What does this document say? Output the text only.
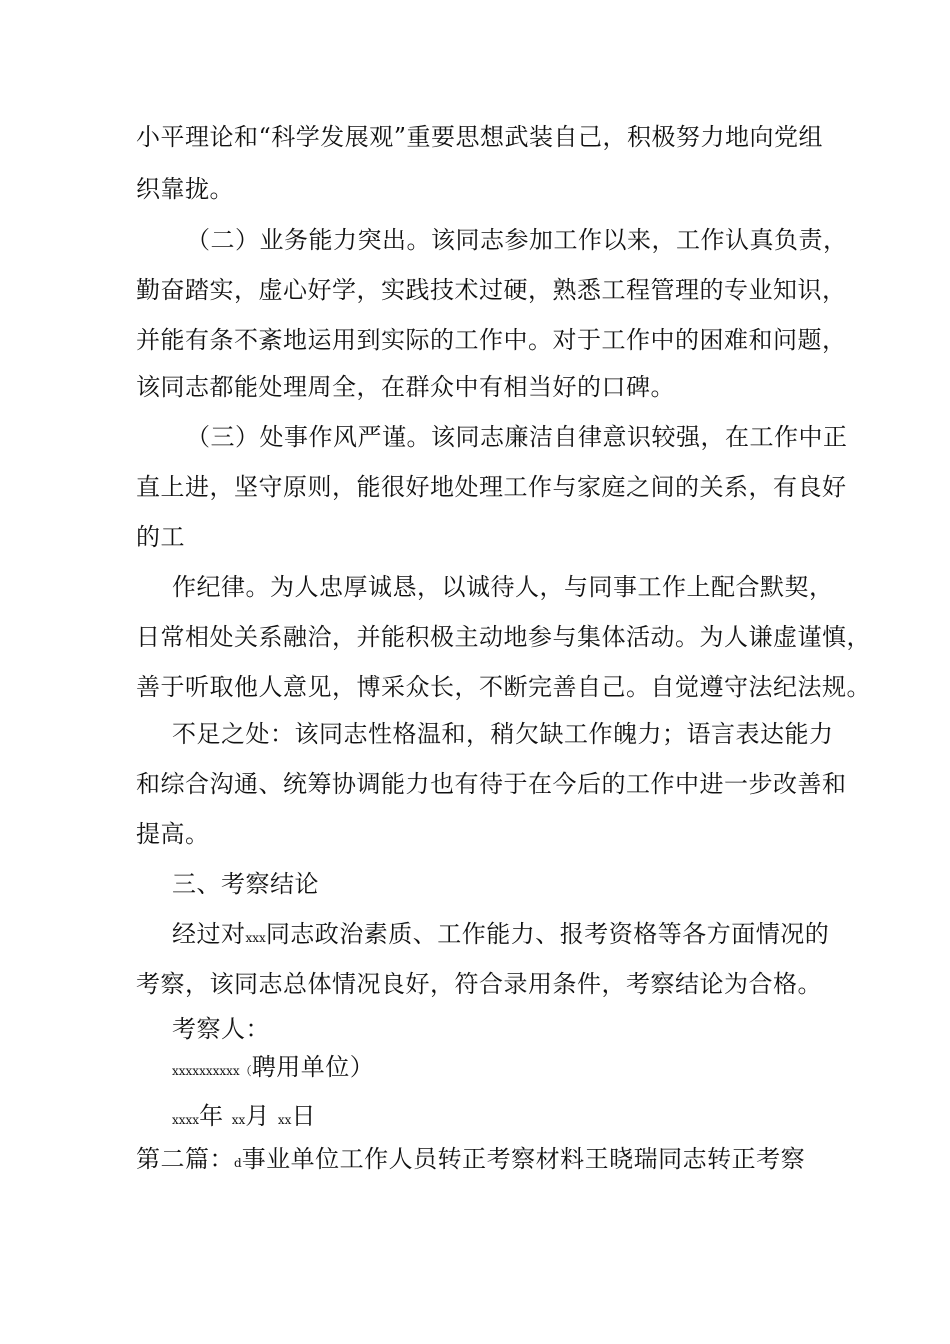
小平理论和“科学发展观”重要思想武装自己，积极努力地向党组
织靠拢。
（二）业务能力突出。该同志参加工作以来，工作认真负责，
勤奋踏实，虚心好学，实践技术过硬，熟悉工程管理的专业知识，
并能有条不紊地运用到实际的工作中。对于工作中的困难和问题，
该同志都能处理周全，在群众中有相当好的口碑。
（三）处事作风严谨。该同志廉洁自律意识较强，在工作中正
直上进，坚守原则，能很好地处理工作与家庭之间的关系，有良好
的工
作纪律。为人忠厚诚恳，以诚待人，与同事工作上配合默契，
日常相处关系融洽，并能积极主动地参与集体活动。为人谦虚谨慎，
善于听取他人意见，博采众长，不断完善自己。自觉遵守法纪法规。
不足之处：该同志性格温和，稍欠缺工作魄力；语言表达能力
和综合沟通、统筹协调能力也有待于在今后的工作中进一步改善和
提高。
三、考察结论
经过对xxx同志政治素质、工作能力、报考资格等各方面情况的
考察，该同志总体情况良好，符合录用条件，考察结论为合格。
考察人：
xxxxxxxxxx（聘用单位）
xxxx年 xx月 xx日
第二篇：d事业单位工作人员转正考察材料王晓瑞同志转正考察
